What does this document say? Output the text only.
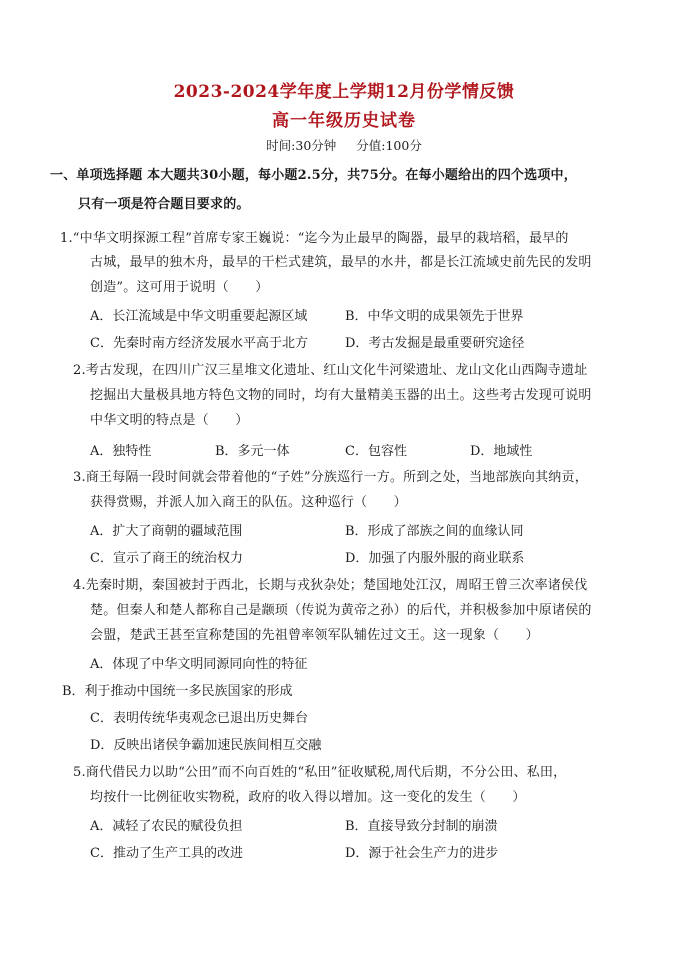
2023-2024学年度上学期12月份学情反馈
高一年级历史试卷
时间:30分钟 分值:100分
一、单项选择题 本大题共30小题，每小题2.5分，共75分。在每小题给出的四个选项中，
只有一项是符合题目要求的。
1.“中华文明探源工程”首席专家王巍说：“迄今为止最早的陶器，最早的栽培稻，最早的
古城，最早的独木舟，最早的干栏式建筑，最早的水井，都是长江流域史前先民的发明
创造”。这可用于说明（　　）
A．长江流域是中华文明重要起源区域	B．中华文明的成果领先于世界
C．先秦时南方经济发展水平高于北方	D．考古发掘是最重要研究途径
2.考古发现，在四川广汉三星堆文化遗址、红山文化牛河梁遗址、龙山文化山西陶寺遗址
挖掘出大量极具地方特色文物的同时，均有大量精美玉器的出土。这些考古发现可说明
中华文明的特点是（　　）
A．独特性	B．多元一体	C．包容性	D．地域性
3.商王每隔一段时间就会带着他的“子姓”分族巡行一方。所到之处，当地部族向其纳贡，
获得赏赐，并派人加入商王的队伍。这种巡行（　　）
A．扩大了商朝的疆域范围	B．形成了部族之间的血缘认同
C．宣示了商王的统治权力	D．加强了内服外服的商业联系
4.先秦时期，秦国被封于西北，长期与戎狄杂处；楚国地处江汉，周昭王曾三次率诸侯伐
楚。但秦人和楚人都称自己是颛顼（传说为黄帝之孙）的后代，并积极参加中原诸侯的
会盟，楚武王甚至宣称楚国的先祖曾率领军队辅佐过文王。这一现象（　　）
A．体现了中华文明同源同向性的特征
B．利于推动中国统一多民族国家的形成
C．表明传统华夷观念已退出历史舞台
D．反映出诸侯争霸加速民族间相互交融
5.商代借民力以助“公田”而不向百姓的“私田”征收赋税,周代后期，不分公田、私田，
均按什一比例征收实物税，政府的收入得以增加。这一变化的发生（　　）
A．减轻了农民的赋役负担	B．直接导致分封制的崩溃
C．推动了生产工具的改进	D．源于社会生产力的进步
